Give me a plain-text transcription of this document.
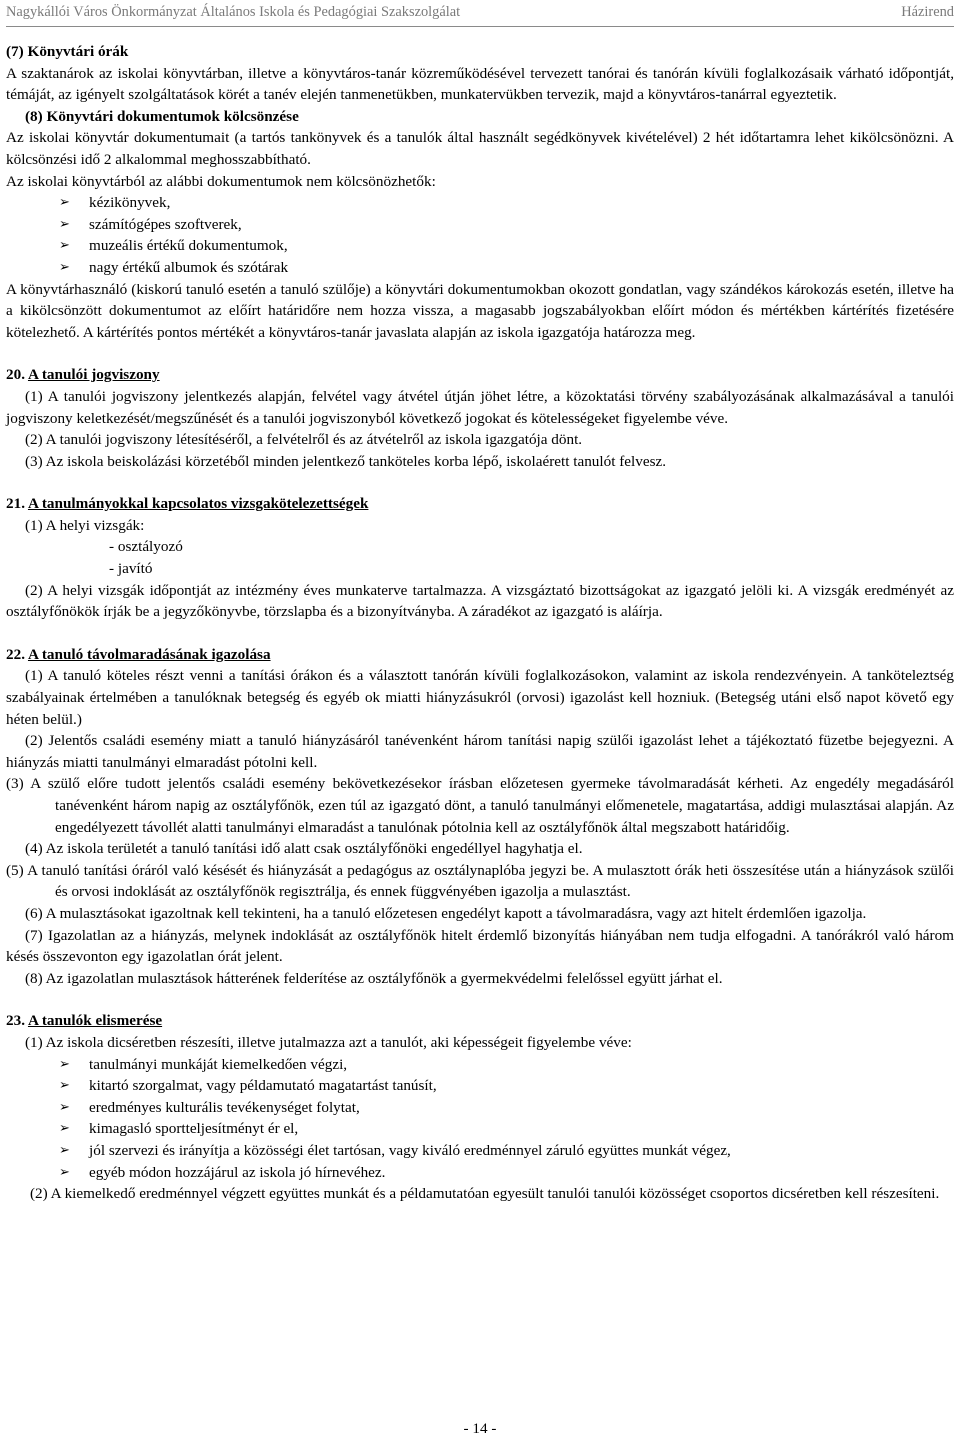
Nagykállói Város Önkormányzat Általános Iskola és Pedagógiai Szakszolgálat	Házirend

(7) Könyvtári órák

A szaktanárok az iskolai könyvtárban, illetve a könyvtáros-tanár közreműködésével tervezett tanórai és tanórán kívüli foglalkozásaik várható időpontját, témáját, az igényelt szolgáltatások körét a tanév elején tanmenetükben, munkatervükben tervezik, majd a könyvtáros-tanárral egyeztetik.

(8) Könyvtári dokumentumok kölcsönzése

Az iskolai könyvtár dokumentumait (a tartós tankönyvek és a tanulók által használt segédkönyvek kivételével) 2 hét időtartamra lehet kikölcsönözni. A kölcsönzési idő 2 alkalommal meghosszabbítható.

Az iskolai könyvtárból az alábbi dokumentumok nem kölcsönözhetők:

➢ kézikönyvek,
➢ számítógépes szoftverek,
➢ muzeális értékű dokumentumok,
➢ nagy értékű albumok és szótárak

A könyvtárhasználó (kiskorú tanuló esetén a tanuló szülője) a könyvtári dokumentumokban okozott gondatlan, vagy szándékos károkozás esetén, illetve ha a kikölcsönzött dokumentumot az előírt határidőre nem hozza vissza, a magasabb jogszabályokban előírt módon és mértékben kártérítés fizetésére kötelezhető. A kártérítés pontos mértékét a könyvtáros-tanár javaslata alapján az iskola igazgatója határozza meg.

20. A tanulói jogviszony

(1) A tanulói jogviszony jelentkezés alapján, felvétel vagy átvétel útján jöhet létre, a közoktatási törvény szabályozásának alkalmazásával a tanulói jogviszony keletkezését/megszűnését és a tanulói jogviszonyból következő jogokat és kötelességeket figyelembe véve.

(2) A tanulói jogviszony létesítéséről, a felvételről és az átvételről az iskola igazgatója dönt.

(3) Az iskola beiskolázási körzetéből minden jelentkező tanköteles korba lépő, iskolaérett tanulót felvesz.

21. A tanulmányokkal kapcsolatos vizsgakötelezettségek

(1) A helyi vizsgák:

- osztályozó

- javító

(2) A helyi vizsgák időpontját az intézmény éves munkaterve tartalmazza. A vizsgáztató bizottságokat az igazgató jelöli ki. A vizsgák eredményét az osztályfőnökök írják be a jegyzőkönyvbe, törzslapba és a bizonyítványba. A záradékot az igazgató is aláírja.

22. A tanuló távolmaradásának igazolása

(1) A tanuló köteles részt venni a tanítási órákon és a választott tanórán kívüli foglalkozásokon, valamint az iskola rendezvényein. A tanköteleztség szabályainak értelmében a tanulóknak betegség és egyéb ok miatti hiányzásukról (orvosi) igazolást kell hozniuk. (Betegség utáni első napot követő egy héten belül.)

(2) Jelentős családi esemény miatt a tanuló hiányzásáról tanévenként három tanítási napig szülői igazolást lehet a tájékoztató füzetbe bejegyezni. A hiányzás miatti tanulmányi elmaradást pótolni kell.

(3) A szülő előre tudott jelentős családi esemény bekövetkezésekor írásban előzetesen gyermeke távolmaradását kérheti. Az engedély megadásáról tanévenként három napig az osztályfőnök, ezen túl az igazgató dönt, a tanuló tanulmányi előmenetele, magatartása, addigi mulasztásai alapján. Az engedélyezett távollét alatti tanulmányi elmaradást a tanulónak pótolnia kell az osztályfőnök által megszabott határidőig.

(4) Az iskola területét a tanuló tanítási idő alatt csak osztályfőnöki engedéllyel hagyhatja el.

(5) A tanuló tanítási óráról való késését és hiányzását a pedagógus az osztálynaplóba jegyzi be. A mulasztott órák heti összesítése után a hiányzások szülői és orvosi indoklását az osztályfőnök regisztrálja, és ennek függvényében igazolja a mulasztást.

(6) A mulasztásokat igazoltnak kell tekinteni, ha a tanuló előzetesen engedélyt kapott a távolmaradásra, vagy azt hitelt érdemlően igazolja.

(7) Igazolatlan az a hiányzás, melynek indoklását az osztályfőnök hitelt érdemlő bizonyítás hiányában nem tudja elfogadni. A tanórákról való három késés összevonton egy igazolatlan órát jelent.

(8) Az igazolatlan mulasztások hátterének felderítése az osztályfőnök a gyermekvédelmi felelőssel együtt járhat el.

23. A tanulók elismerése

(1) Az iskola dicséretben részesíti, illetve jutalmazza azt a tanulót, aki képességeit figyelembe véve:

➢ tanulmányi munkáját kiemelkedően végzi,
➢ kitartó szorgalmat, vagy példamutató magatartást tanúsít,
➢ eredményes kulturális tevékenységet folytat,
➢ kimagasló sportteljesítményt ér el,
➢ jól szervezi és irányítja a közösségi élet tartósan, vagy kiváló eredménnyel záruló együttes munkát végez,
➢ egyéb módon hozzájárul az iskola jó hírnevéhez.

(2) A kiemelkedő eredménnyel végzett együttes munkát és a példamutatóan egyesült tanulói tanulói közösséget csoportos dicséretben kell részesíteni.

- 14 -
